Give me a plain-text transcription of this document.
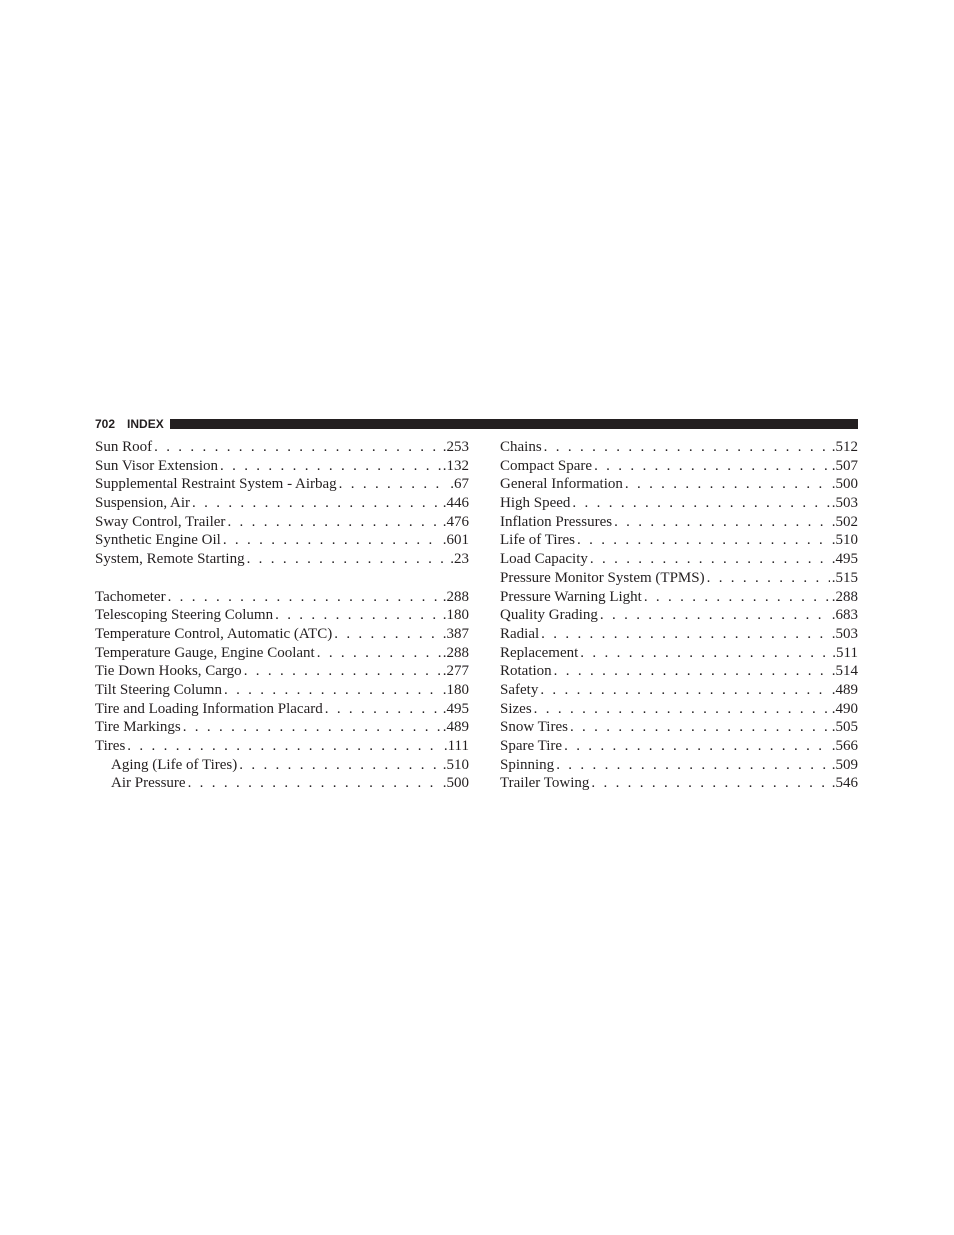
702 INDEX
Sun Roof . . .	.253
Sun Visor Extension . . .	.132
Supplemental Restraint System - Airbag . . .	.67
Suspension, Air . . .	.446
Sway Control, Trailer . . .	.476
Synthetic Engine Oil . . .	.601
System, Remote Starting . . .	.23
Tachometer . . .	.288
Telescoping Steering Column . . .	.180
Temperature Control, Automatic (ATC) . . .	.387
Temperature Gauge, Engine Coolant . . .	.288
Tie Down Hooks, Cargo . . .	.277
Tilt Steering Column . . .	.180
Tire and Loading Information Placard . . .	.495
Tire Markings . . .	.489
Tires . . .	.111
Aging (Life of Tires) . . .	.510
Air Pressure . . .	.500
Chains . . .	.512
Compact Spare . . .	.507
General Information . . .	.500
High Speed . . .	.503
Inflation Pressures . . .	.502
Life of Tires . . .	.510
Load Capacity . . .	.495
Pressure Monitor System (TPMS) . . .	.515
Pressure Warning Light . . .	.288
Quality Grading . . .	.683
Radial . . .	.503
Replacement . . .	.511
Rotation . . .	.514
Safety . . .	.489
Sizes . . .	.490
Snow Tires . . .	.505
Spare Tire . . .	.566
Spinning . . .	.509
Trailer Towing . . .	.546
